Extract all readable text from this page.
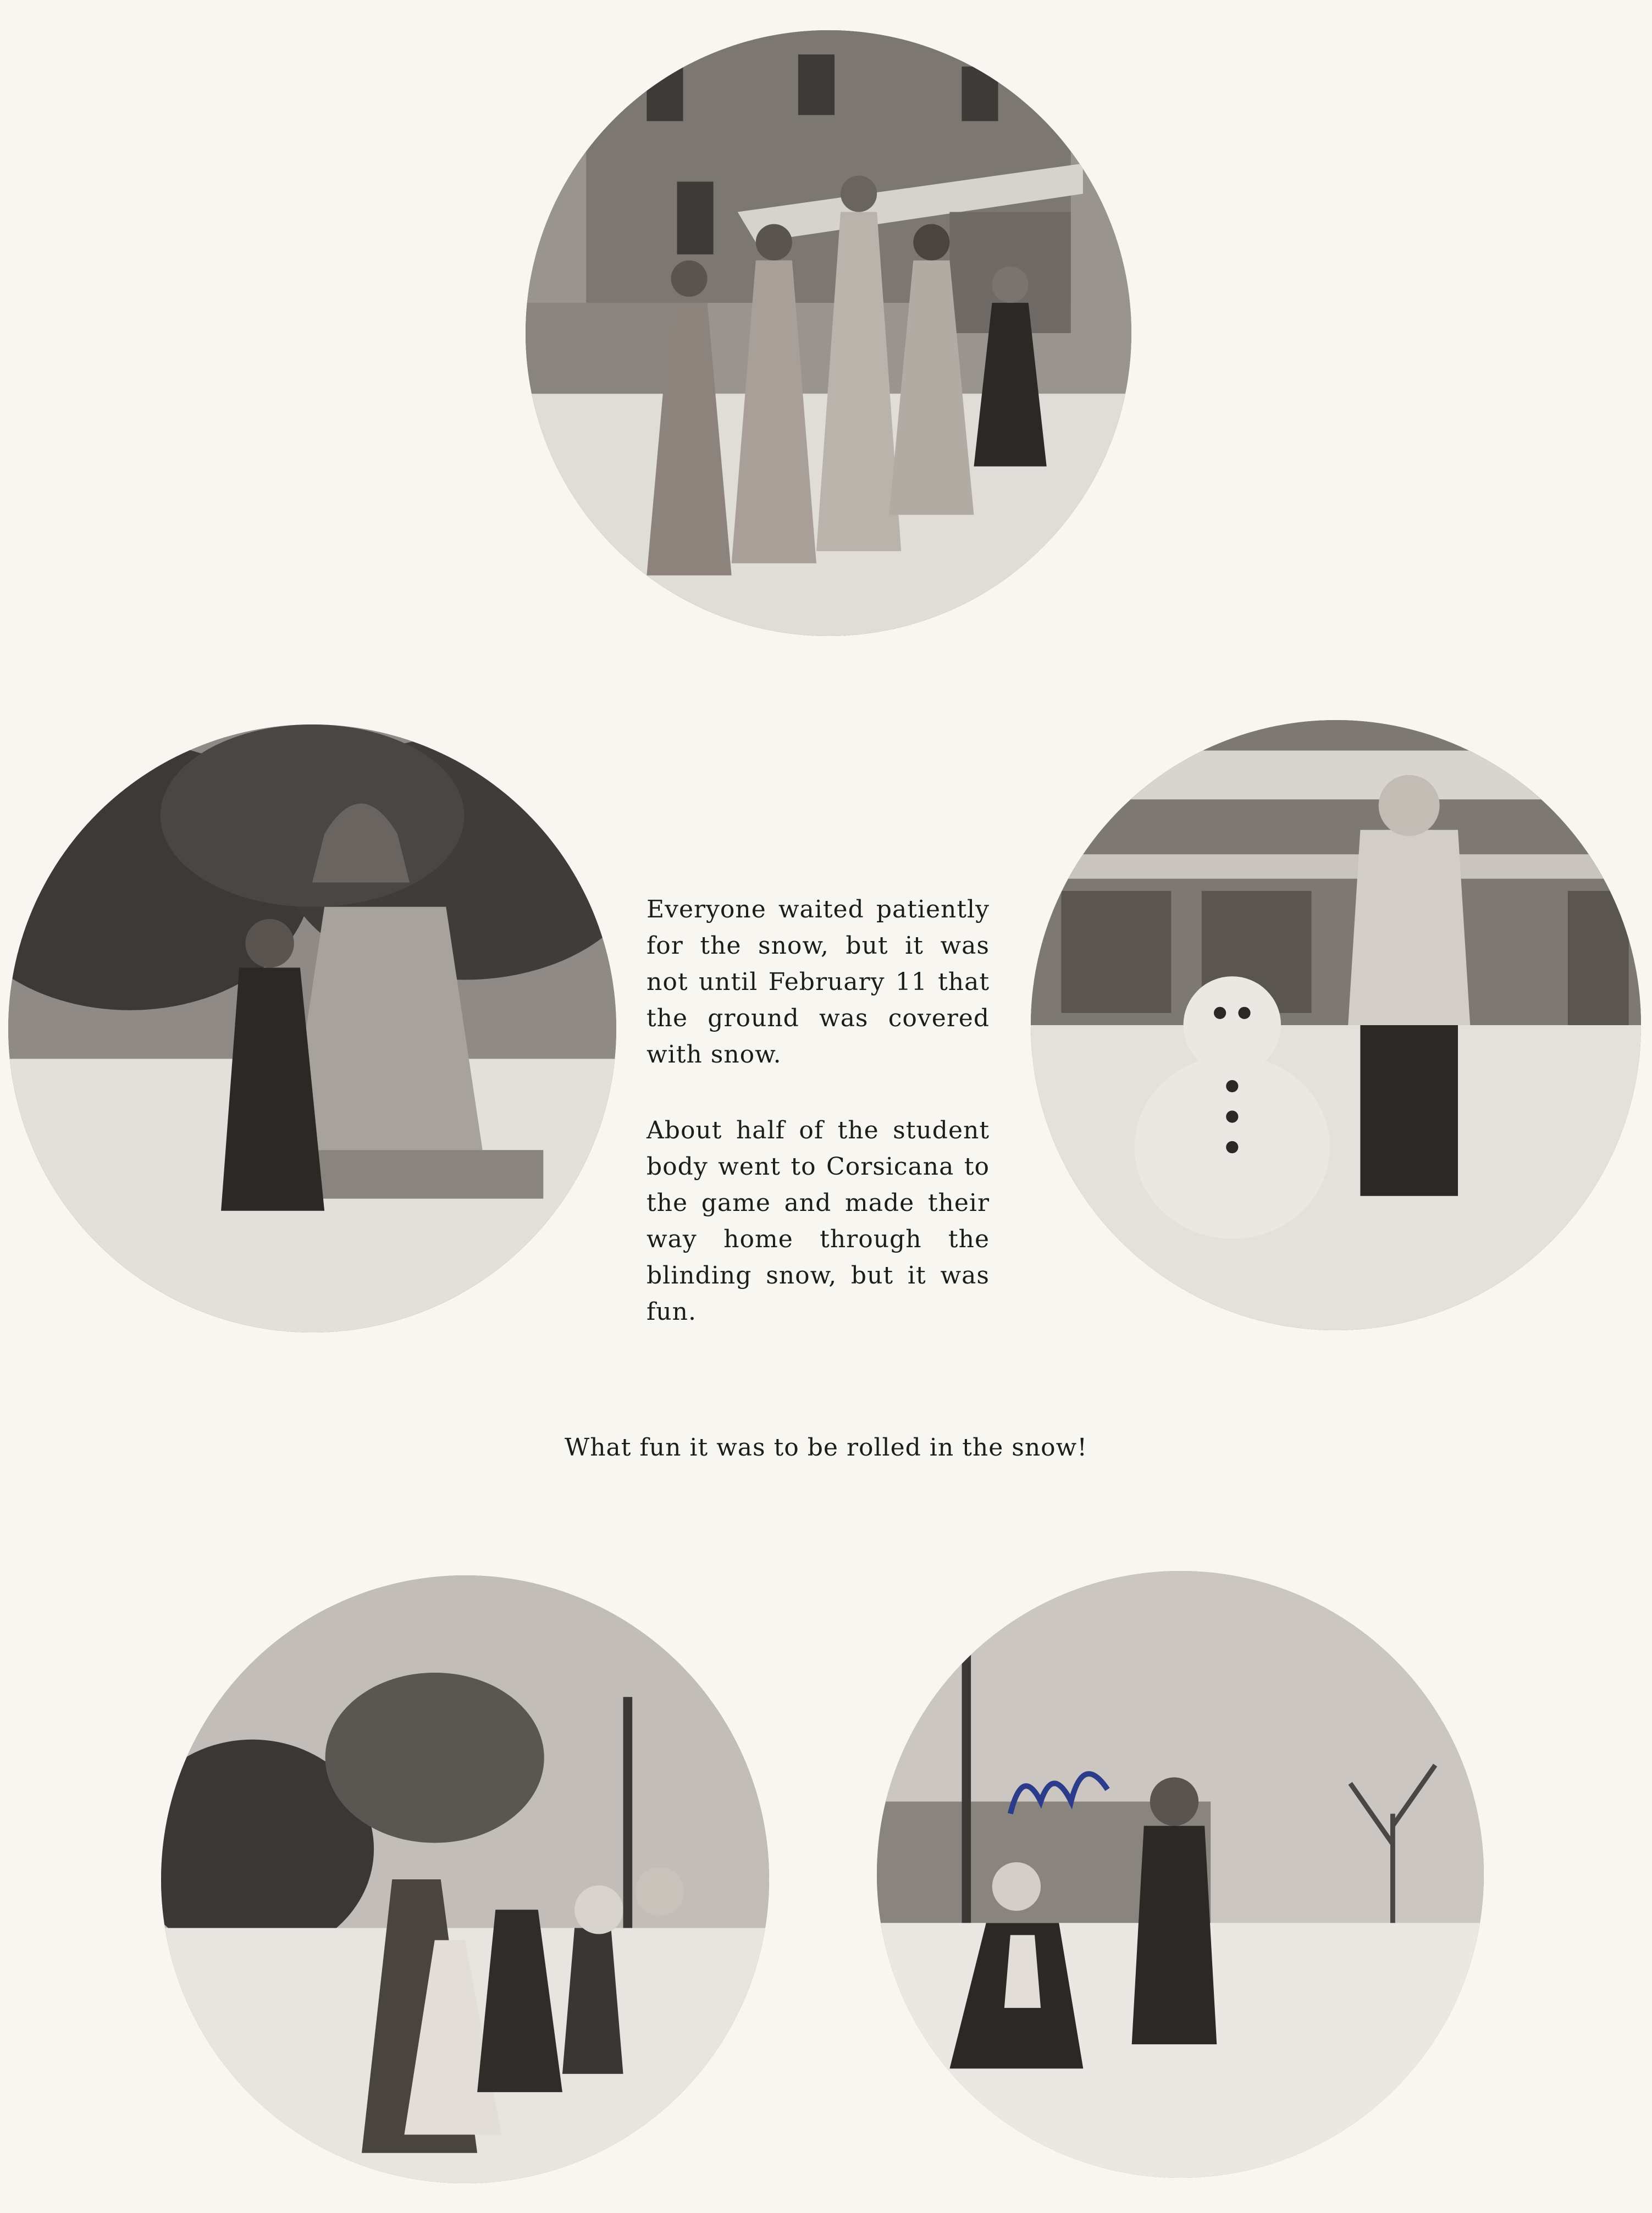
Everyone waited patiently for the snow, but it was not until February 11 that the ground was covered with snow.
About half of the student body went to Corsicana to the game and made their way home through the blinding snow, but it was fun.
What fun it was to be rolled in the snow!
